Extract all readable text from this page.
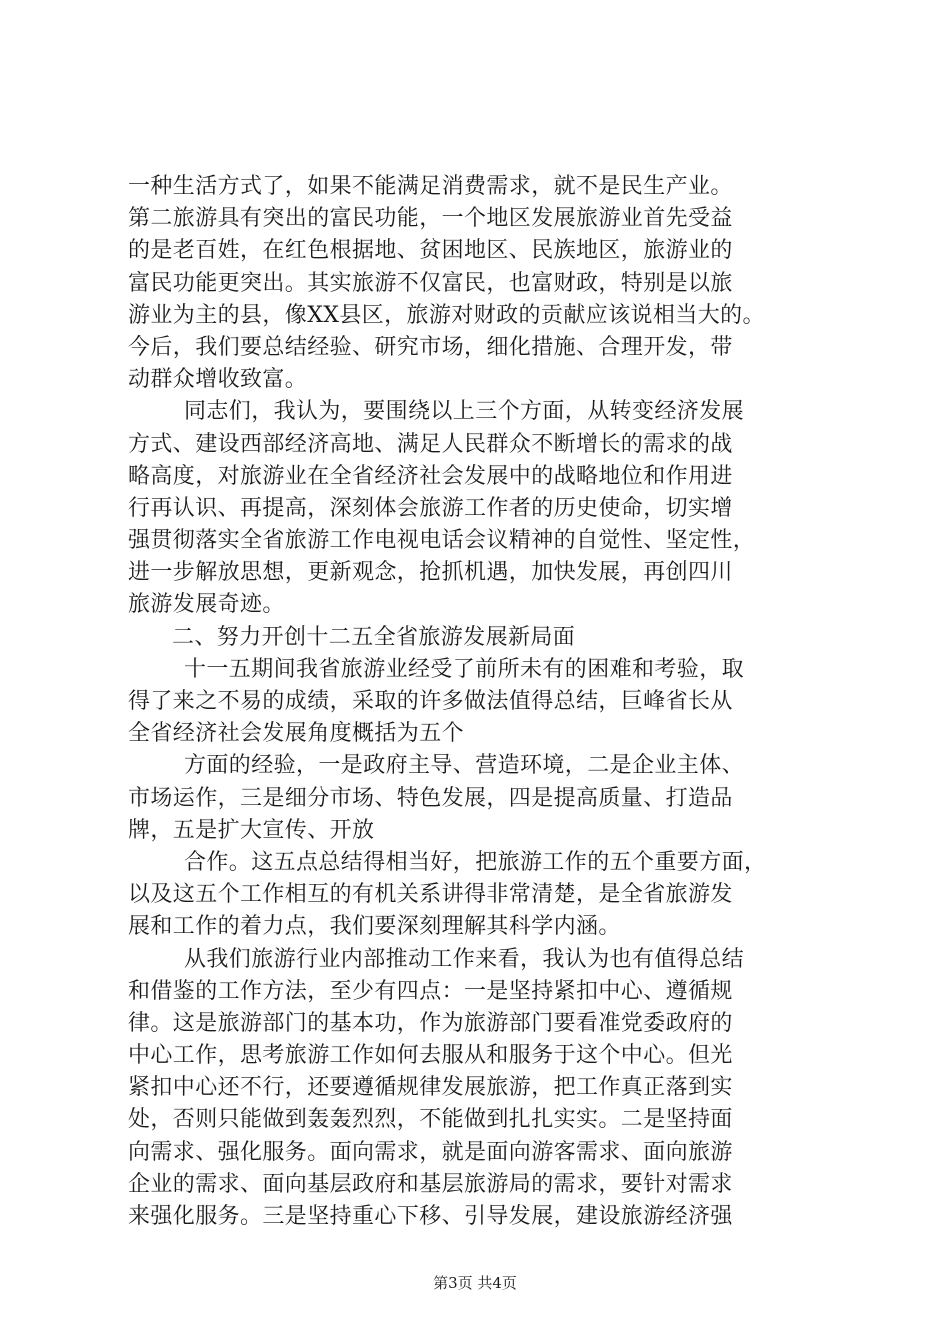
一种生活方式了，如果不能满足消费需求，就不是民生产业。
第二旅游具有突出的富民功能，一个地区发展旅游业首先受益
的是老百姓，在红色根据地、贫困地区、民族地区，旅游业的
富民功能更突出。其实旅游不仅富民，也富财政，特别是以旅
游业为主的县，像XX县区，旅游对财政的贡献应该说相当大的。
今后，我们要总结经验、研究市场，细化措施、合理开发，带
动群众增收致富。
同志们，我认为，要围绕以上三个方面，从转变经济发展
方式、建设西部经济高地、满足人民群众不断增长的需求的战
略高度，对旅游业在全省经济社会发展中的战略地位和作用进
行再认识、再提高，深刻体会旅游工作者的历史使命，切实增
强贯彻落实全省旅游工作电视电话会议精神的自觉性、坚定性，
进一步解放思想，更新观念，抢抓机遇，加快发展，再创四川
旅游发展奇迹。
二、努力开创十二五全省旅游发展新局面
十一五期间我省旅游业经受了前所未有的困难和考验，取
得了来之不易的成绩，采取的许多做法值得总结，巨峰省长从
全省经济社会发展角度概括为五个
方面的经验，一是政府主导、营造环境，二是企业主体、
市场运作，三是细分市场、特色发展，四是提高质量、打造品
牌，五是扩大宣传、开放
合作。这五点总结得相当好，把旅游工作的五个重要方面，
以及这五个工作相互的有机关系讲得非常清楚，是全省旅游发
展和工作的着力点，我们要深刻理解其科学内涵。
从我们旅游行业内部推动工作来看，我认为也有值得总结
和借鉴的工作方法，至少有四点：一是坚持紧扣中心、遵循规
律。这是旅游部门的基本功，作为旅游部门要看准党委政府的
中心工作，思考旅游工作如何去服从和服务于这个中心。但光
紧扣中心还不行，还要遵循规律发展旅游，把工作真正落到实
处，否则只能做到轰轰烈烈，不能做到扎扎实实。二是坚持面
向需求、强化服务。面向需求，就是面向游客需求、面向旅游
企业的需求、面向基层政府和基层旅游局的需求，要针对需求
来强化服务。三是坚持重心下移、引导发展，建设旅游经济强
第3页 共4页
